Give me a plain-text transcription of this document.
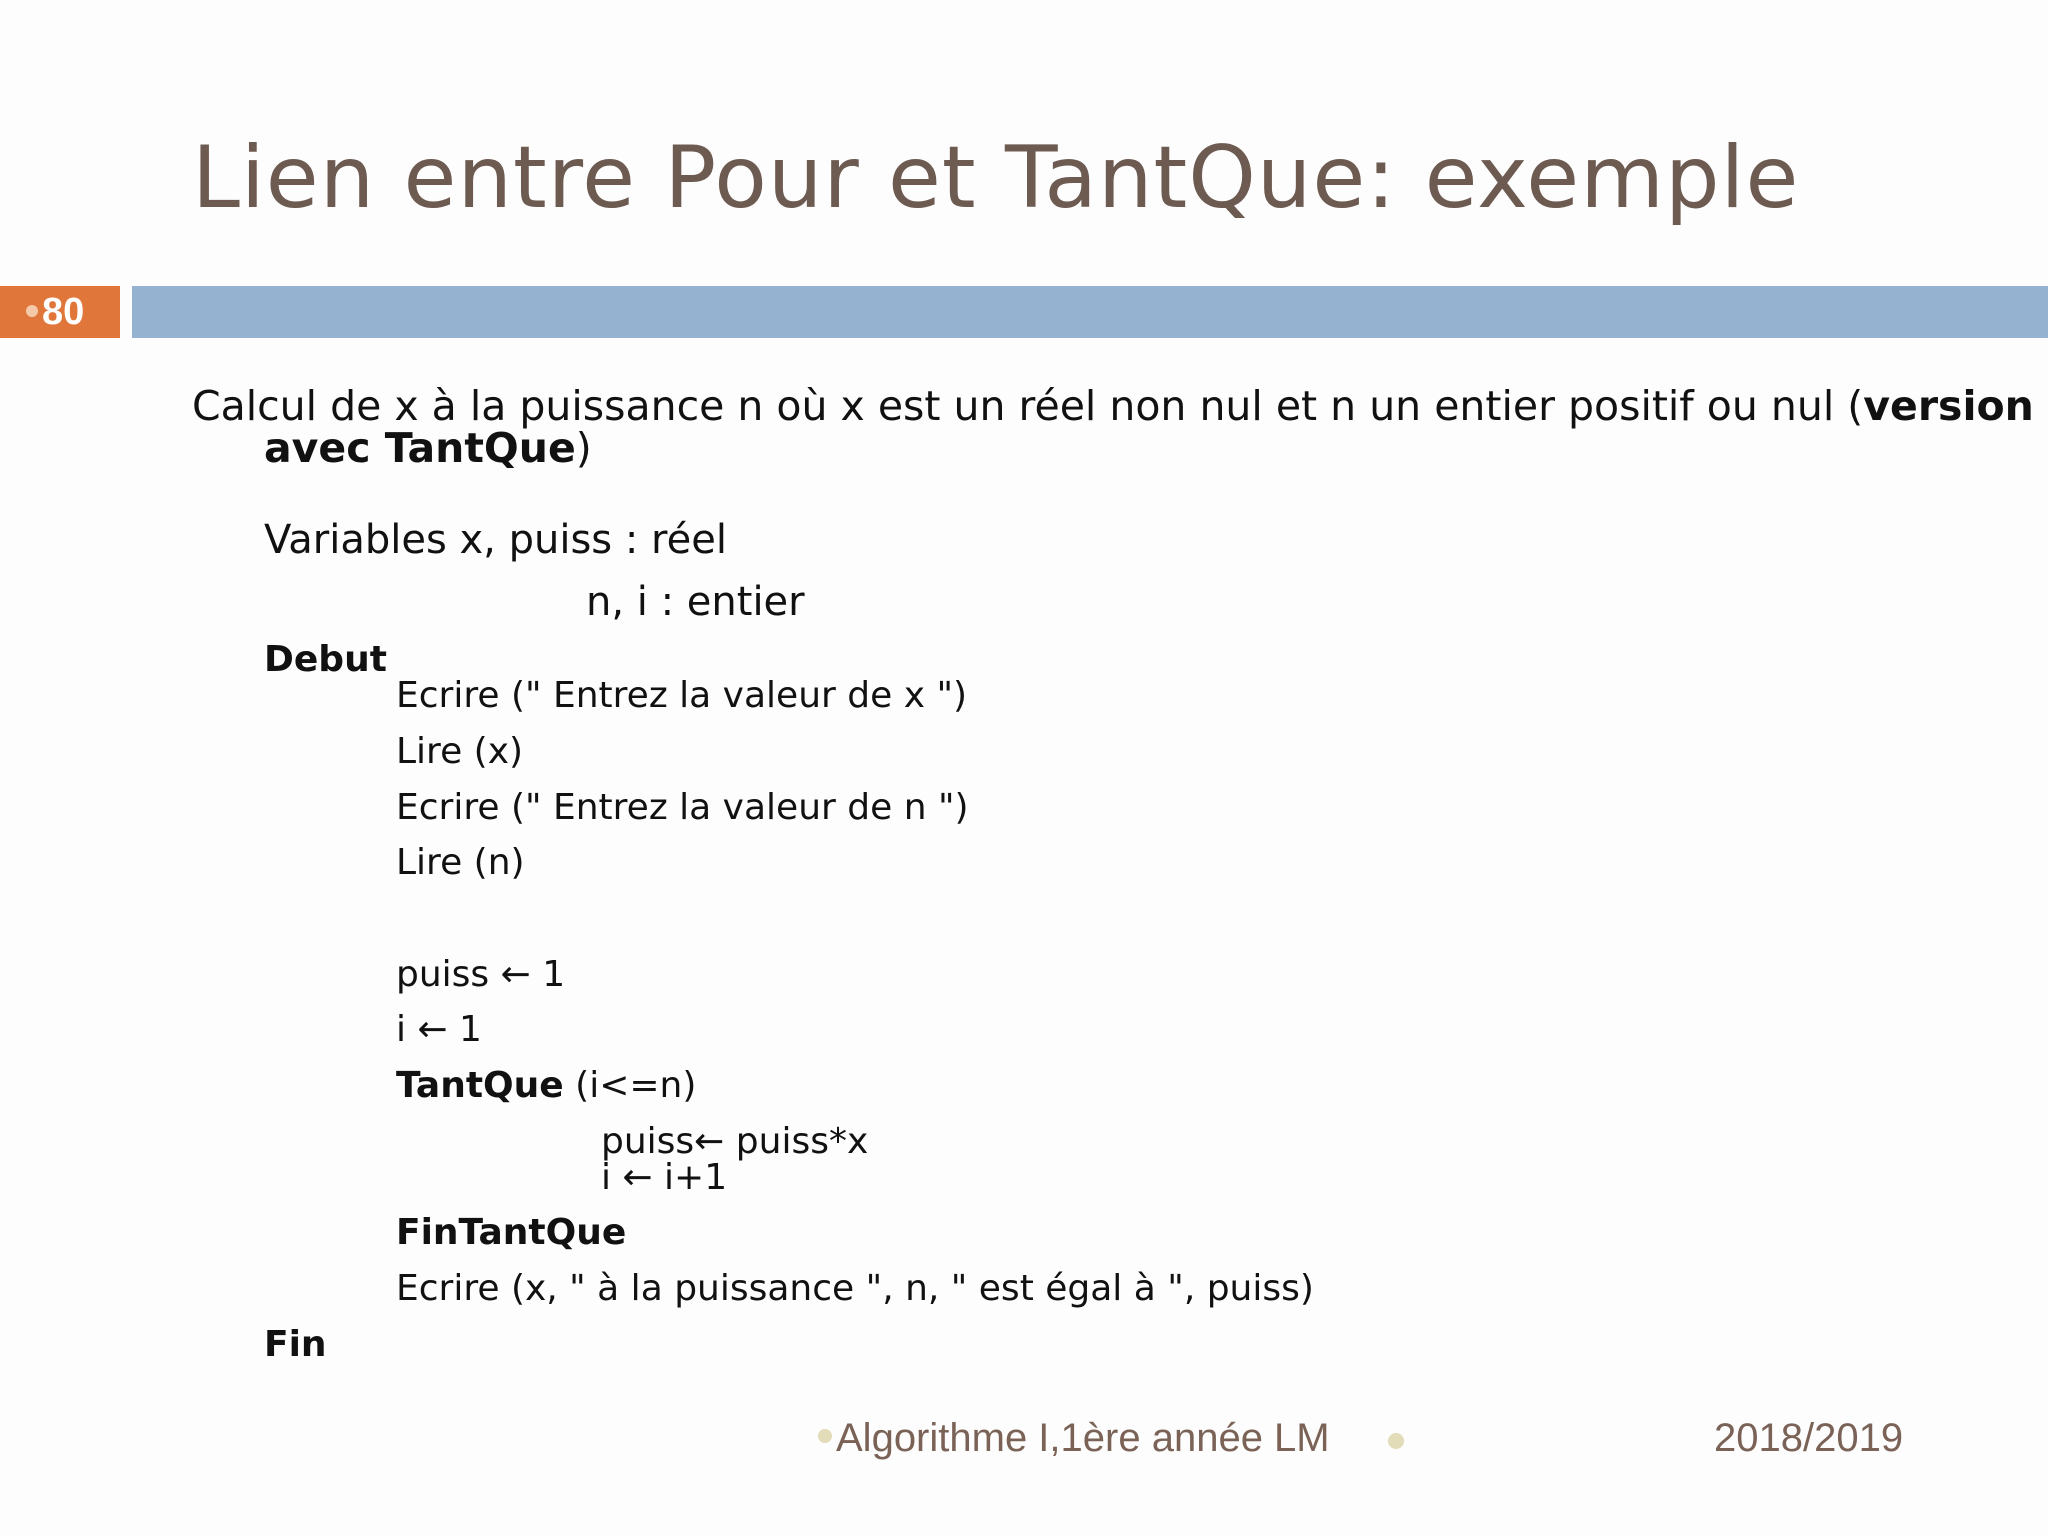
Lien entre Pour et TantQue: exemple
80
Calcul de x à la puissance n où x est un réel non nul et n un entier positif ou nul (version
avec TantQue)
Variables x, puiss : réel
n, i : entier
Debut
Ecrire (" Entrez la valeur de x ")
Lire (x)
Ecrire (" Entrez la valeur de n ")
Lire (n)
puiss ← 1
i ← 1
TantQue (i<=n)
puiss← puiss*x
i ← i+1
FinTantQue
Ecrire (x, " à la puissance ", n, " est égal à ", puiss)
Fin
Algorithme I,1ère année LM	2018/2019
